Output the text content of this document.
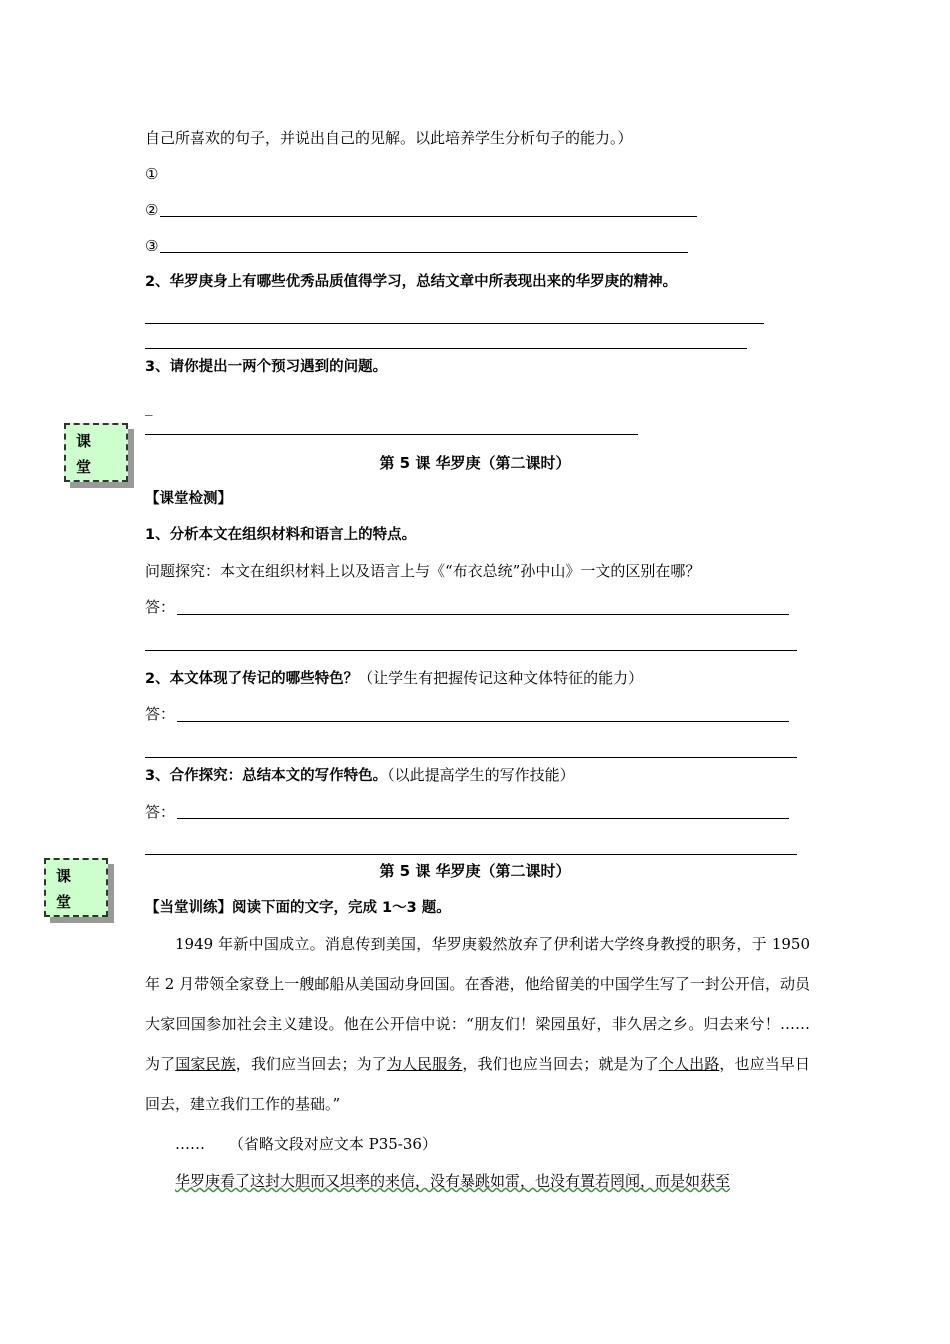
自己所喜欢的句子，并说出自己的见解。以此培养学生分析句子的能力。）
①
②
③
2、华罗庚身上有哪些优秀品质值得学习，总结文章中所表现出来的华罗庚的精神。
3、请你提出一两个预习遇到的问题。
_
课
堂	第 5 课 华罗庚（第二课时）
【课堂检测】
1、分析本文在组织材料和语言上的特点。
问题探究：本文在组织材料上以及语言上与《“布衣总统”孙中山》一文的区别在哪？
答：
2、本文体现了传记的哪些特色？（让学生有把握传记这种文体特征的能力）
答：
3、合作探究：总结本文的写作特色。（以此提高学生的写作技能）
答：
课
堂
第 5 课 华罗庚（第二课时）
【当堂训练】阅读下面的文字，完成 1～3 题。
1949 年新中国成立。消息传到美国，华罗庚毅然放弃了伊利诺大学终身教授的职务，于 1950 年 2 月带领全家登上一艘邮船从美国动身回国。在香港，他给留美的中国学生写了一封公开信，动员大家回国参加社会主义建设。他在公开信中说：“朋友们！梁园虽好，非久居之乡。归去来兮！……为了国家民族，我们应当回去；为了为人民服务，我们也应当回去；就是为了个人出路，也应当早日回去，建立我们工作的基础。”
…… （省略文段对应文本 P35-36）
华罗庚看了这封大胆而又坦率的来信，没有暴跳如雷，也没有置若罔闻，而是如获至
